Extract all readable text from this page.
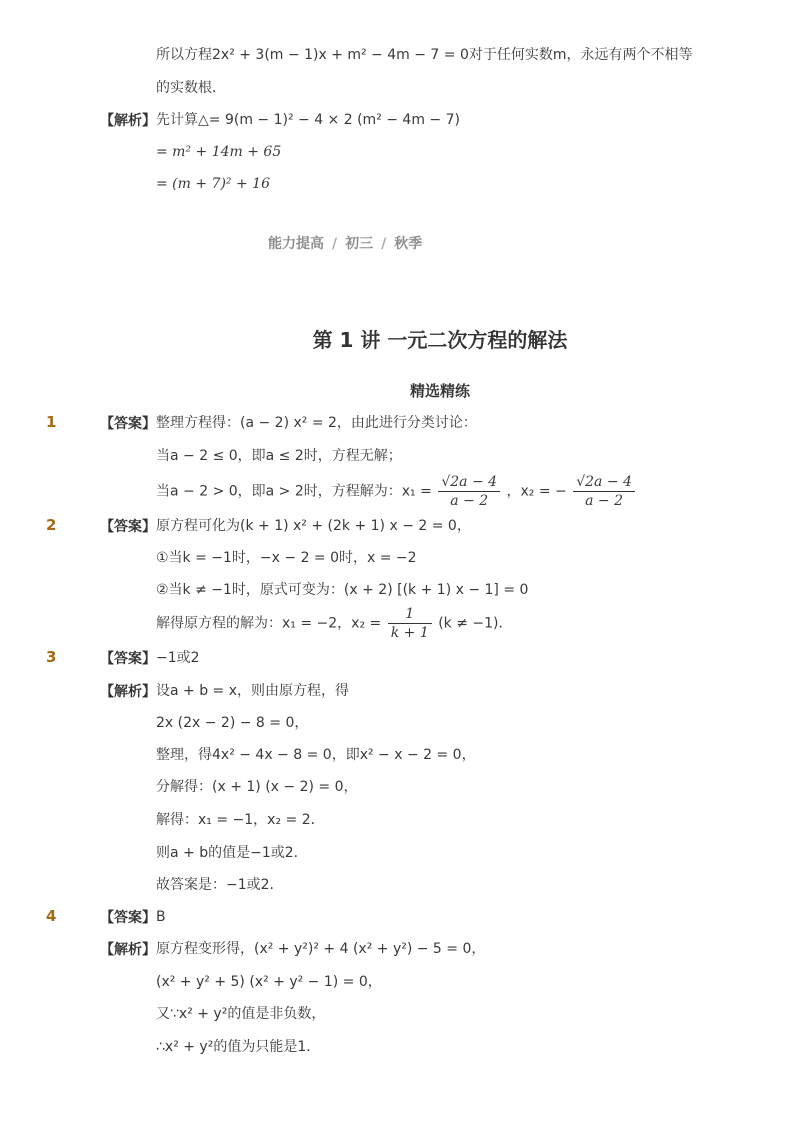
所以方程2x² + 3(m − 1)x + m² − 4m − 7 = 0对于任何实数m，永远有两个不相等
的实数根．
【解析】 先计算△= 9(m − 1)² − 4 × 2 (m² − 4m − 7)
= m² + 14m + 65
= (m + 7)² + 16
能力提高 / 初三 / 秋季
第 1 讲 一元二次方程的解法
精选精练
1	【答案】 整理方程得：(a − 2) x² = 2，由此进行分类讨论：
当a − 2 ≤ 0，即a ≤ 2时，方程无解；
当a − 2 > 0，即a > 2时，方程解为：$x_1 = \frac{√2a - 4}{a - 2}$ ，x₂ = − $\frac{√2a - 4}{a - 2}$
2	【答案】 原方程可化为(k + 1) x² + (2k + 1) x − 2 = 0，
①当k = −1时，−x − 2 = 0时，x = −2
②当k ≠ −1时，原式可变为：(x + 2) [(k + 1) x − 1] = 0
解得原方程的解为：x₁ = −2，$x_2 = \frac{1}{k + 1} (k \ne -1)$．
3	【答案】 −1或2
【解析】 设a + b = x，则由原方程，得
2x (2x − 2) − 8 = 0，
整理，得4x² − 4x − 8 = 0，即x² − x − 2 = 0，
分解得：(x + 1) (x − 2) = 0，
解得：x₁ = −1，x₂ = 2．
则a + b的值是−1或2．
故答案是：−1或2．
4	【答案】 B
【解析】 原方程变形得，(x² + y²)² + 4 (x² + y²) − 5 = 0，
(x² + y² + 5) (x² + y² − 1) = 0，
又∵x² + y²的值是非负数，
∴x² + y²的值为只能是1．
